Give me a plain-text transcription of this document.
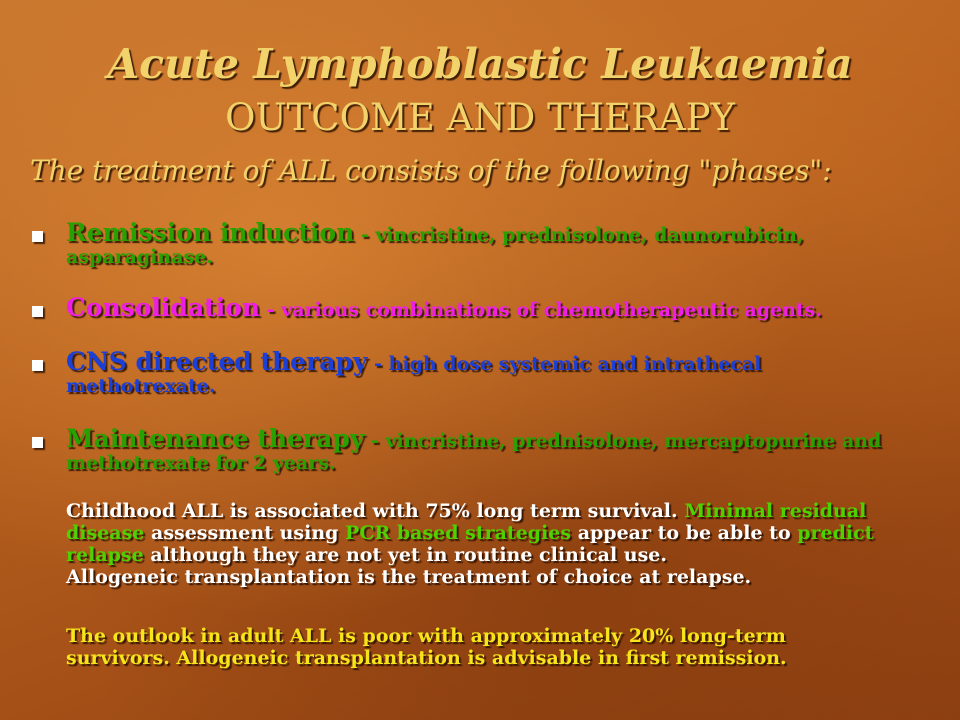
Acute Lymphoblastic Leukaemia
OUTCOME AND THERAPY
The treatment of ALL consists of the following "phases":
Remission induction - vincristine, prednisolone, daunorubicin,
asparaginase.
Consolidation - various combinations of chemotherapeutic agents.
CNS directed therapy - high dose systemic and intrathecal
methotrexate.
Maintenance therapy - vincristine, prednisolone, mercaptopurine and
methotrexate for 2 years.
Childhood ALL is associated with 75% long term survival. Minimal residual
disease assessment using PCR based strategies appear to be able to predict
relapse although they are not yet in routine clinical use.
Allogeneic transplantation is the treatment of choice at relapse.
The outlook in adult ALL is poor with approximately 20% long-term
survivors. Allogeneic transplantation is advisable in first remission.
